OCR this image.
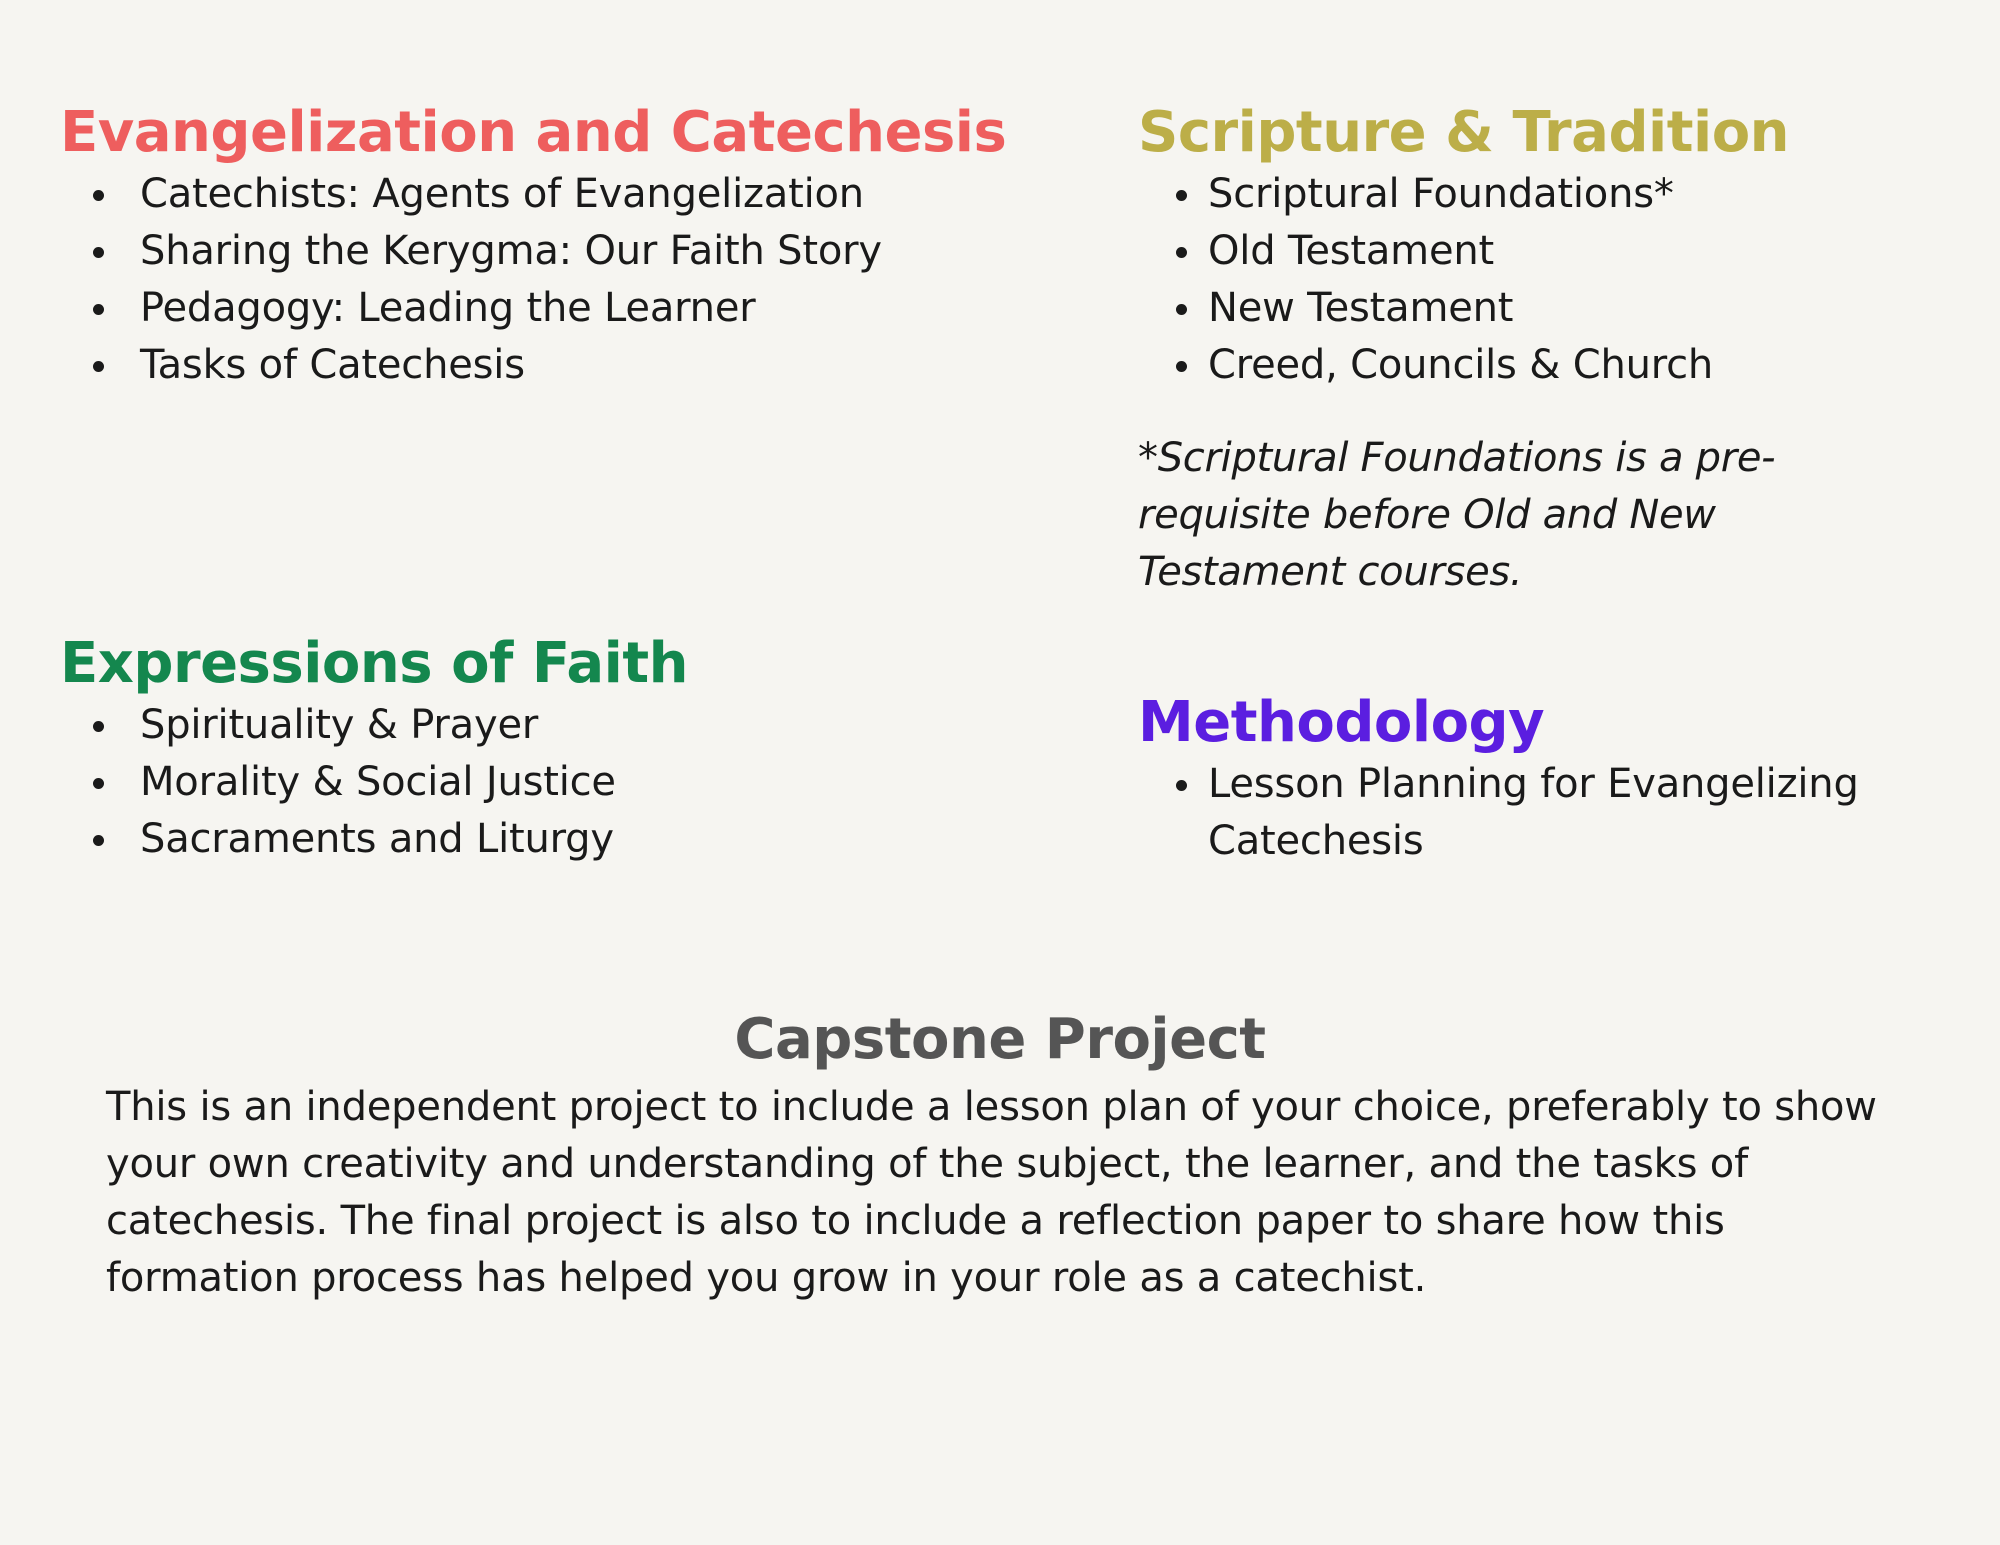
Evangelization and Catechesis
Catechists: Agents of Evangelization
Sharing the Kerygma: Our Faith Story
Pedagogy: Leading the Learner
Tasks of Catechesis
Scripture & Tradition
Scriptural Foundations*
Old Testament
New Testament
Creed, Councils & Church

*Scriptural Foundations is a pre-requisite before Old and New Testament courses.

Expressions of Faith
Spirituality & Prayer
Morality & Social Justice
Sacraments and Liturgy
Methodology
Lesson Planning for Evangelizing Catechesis
Capstone Project

This is an independent project to include a lesson plan of your choice, preferably to show
your own creativity and understanding of the subject, the learner, and the tasks of
catechesis. The final project is also to include a reflection paper to share how this
formation process has helped you grow in your role as a catechist.
